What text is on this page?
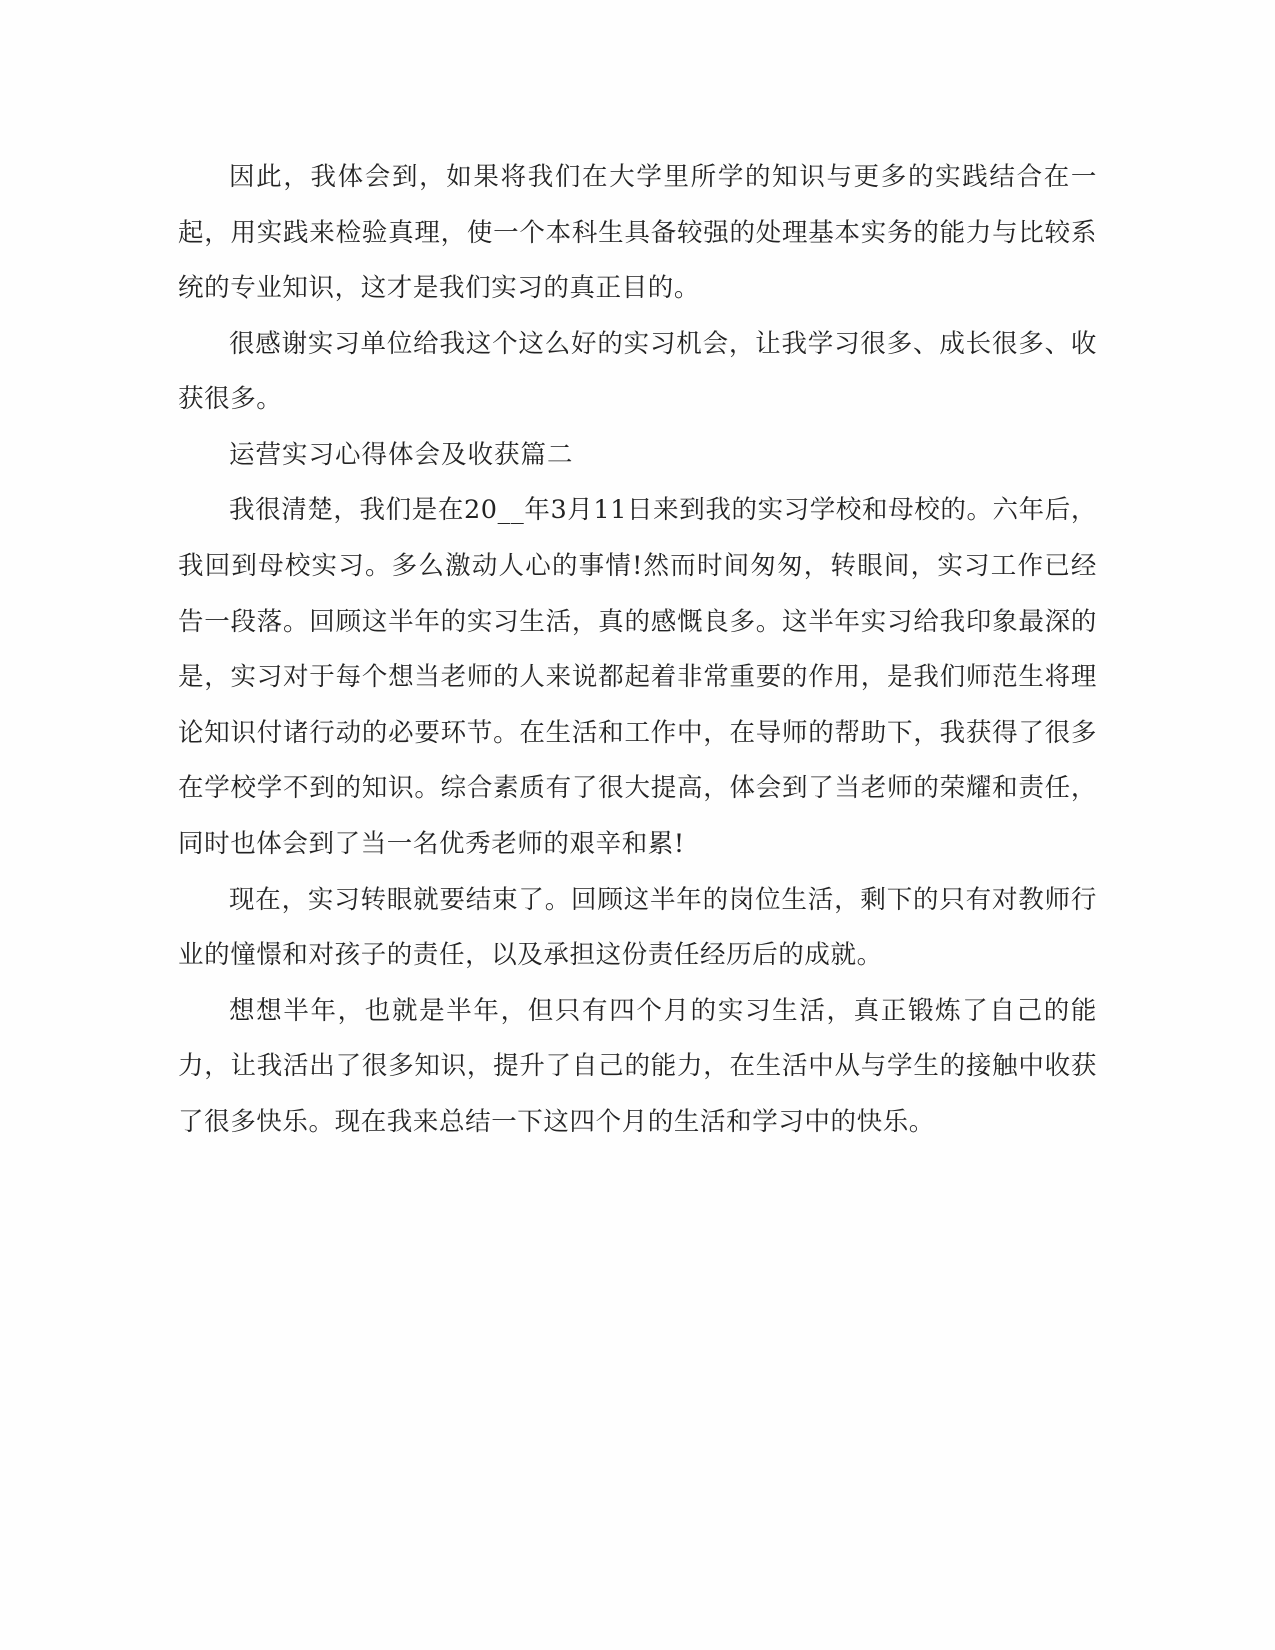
因此，我体会到，如果将我们在大学里所学的知识与更多的实践结合在一起，用实践来检验真理，使一个本科生具备较强的处理基本实务的能力与比较系统的专业知识，这才是我们实习的真正目的。

很感谢实习单位给我这个这么好的实习机会，让我学习很多、成长很多、收获很多。

运营实习心得体会及收获篇二

我很清楚，我们是在20__年3月11日来到我的实习学校和母校的。六年后，我回到母校实习。多么激动人心的事情!然而时间匆匆，转眼间，实习工作已经告一段落。回顾这半年的实习生活，真的感慨良多。这半年实习给我印象最深的是，实习对于每个想当老师的人来说都起着非常重要的作用，是我们师范生将理论知识付诸行动的必要环节。在生活和工作中，在导师的帮助下，我获得了很多在学校学不到的知识。综合素质有了很大提高，体会到了当老师的荣耀和责任，同时也体会到了当一名优秀老师的艰辛和累!

现在，实习转眼就要结束了。回顾这半年的岗位生活，剩下的只有对教师行业的憧憬和对孩子的责任，以及承担这份责任经历后的成就。

想想半年，也就是半年，但只有四个月的实习生活，真正锻炼了自己的能力，让我活出了很多知识，提升了自己的能力，在生活中从与学生的接触中收获了很多快乐。现在我来总结一下这四个月的生活和学习中的快乐。
